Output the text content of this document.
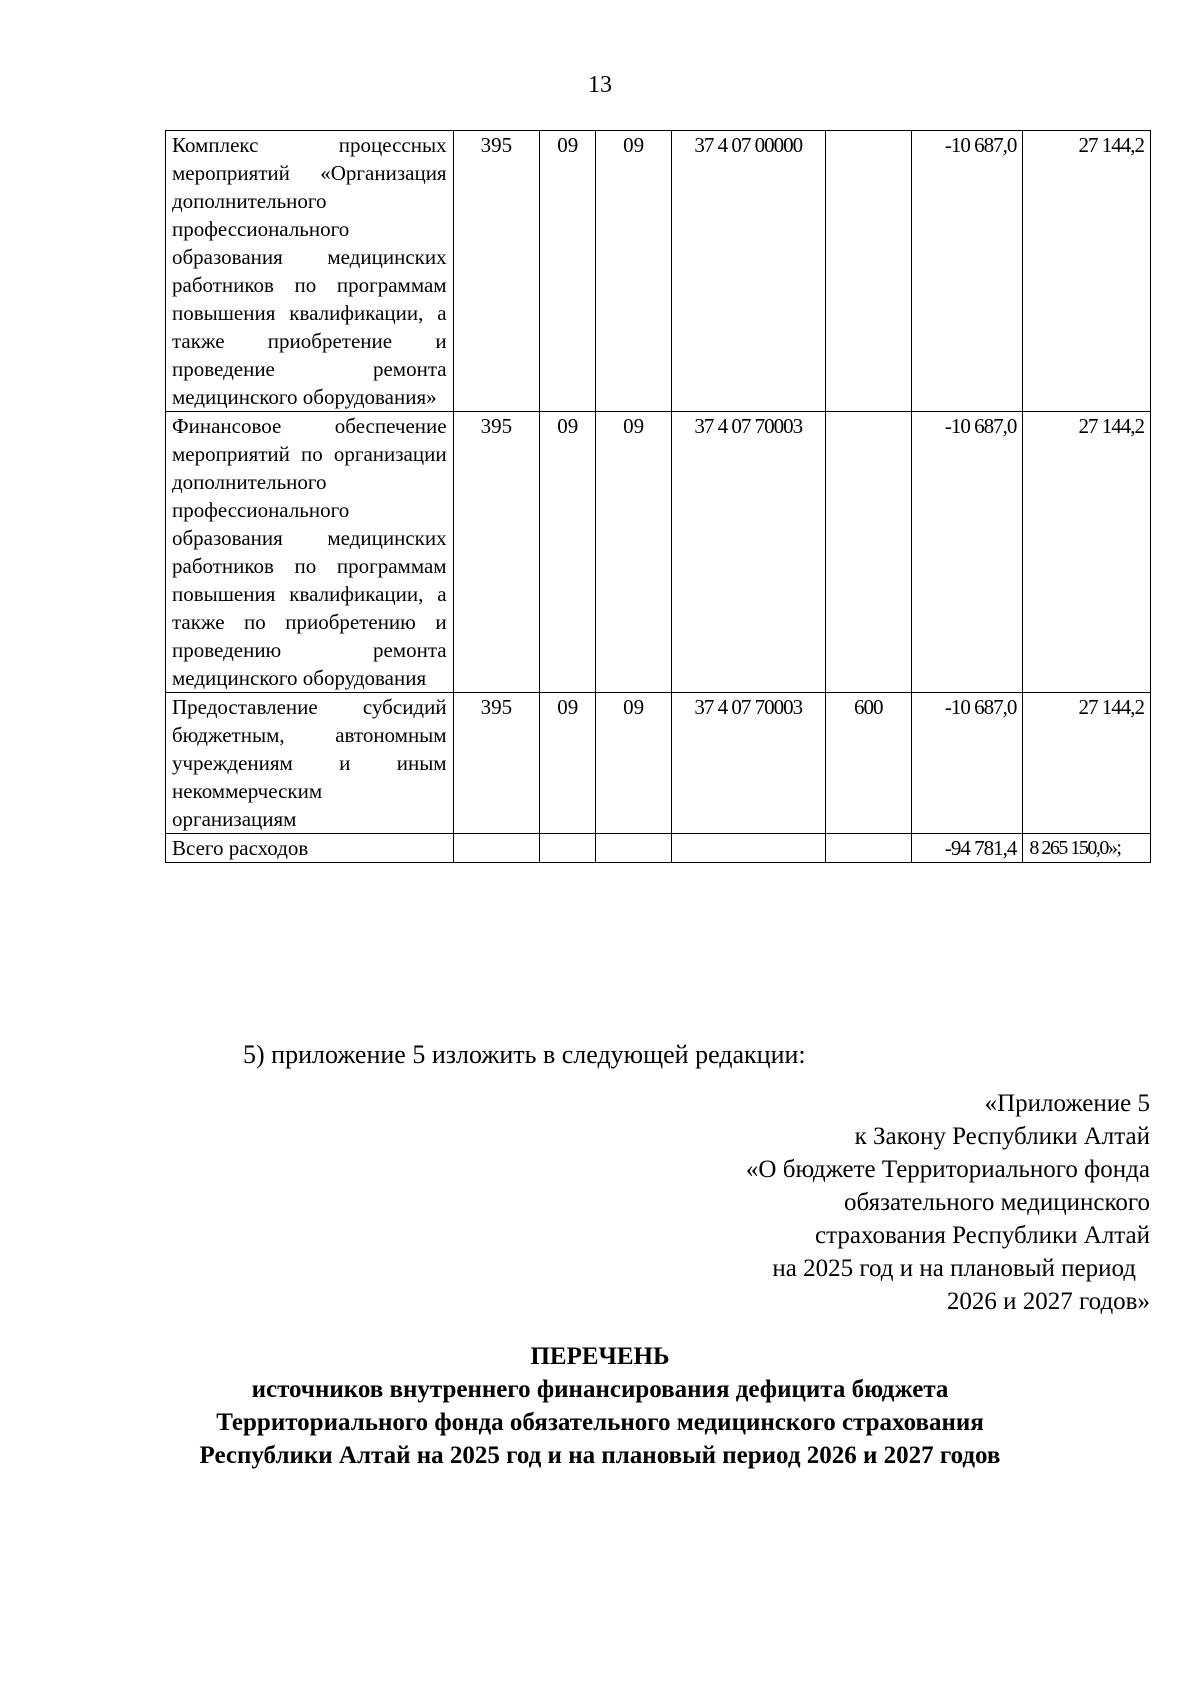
13
Комплекс процессных мероприятий «Организация дополнительного профессионального образования медицинских работников по программам повышения квалификации, а также приобретение и проведение ремонта медицинского оборудования»	395	09	09	37 4 07 00000		-10 687,0	27 144,2
Финансовое обеспечение мероприятий по организации дополнительного профессионального образования медицинских работников по программам повышения квалификации, а также по приобретению и проведению ремонта медицинского оборудования	395	09	09	37 4 07 70003		-10 687,0	27 144,2
Предоставление субсидий бюджетным, автономным учреждениям и иным некоммерческим организациям	395	09	09	37 4 07 70003	600	-10 687,0	27 144,2
Всего расходов						-94 781,4	8 265 150,0»;
5) приложение 5 изложить в следующей редакции:
«Приложение 5
к Закону Республики Алтай
«О бюджете Территориального фонда
обязательного медицинского
страхования Республики Алтай
на 2025 год и на плановый период
2026 и 2027 годов»
ПЕРЕЧЕНЬ
источников внутреннего финансирования дефицита бюджета
Территориального фонда обязательного медицинского страхования
Республики Алтай на 2025 год и на плановый период 2026 и 2027 годов
